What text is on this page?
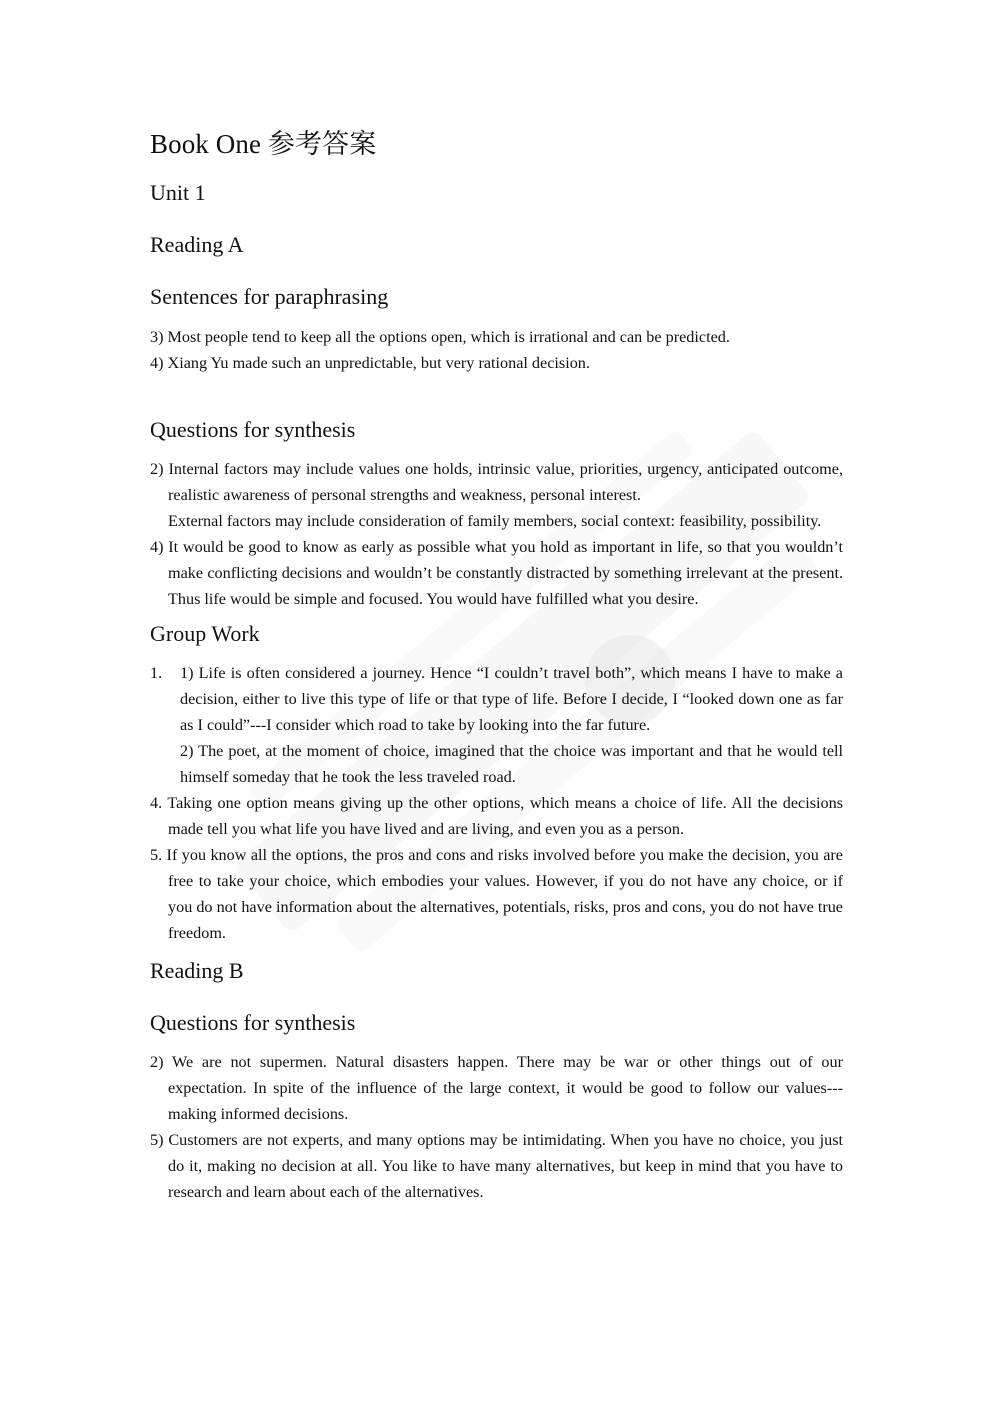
Book One 参考答案
Unit 1
Reading A
Sentences for paraphrasing
3) Most people tend to keep all the options open, which is irrational and can be predicted.
4) Xiang Yu made such an unpredictable, but very rational decision.
Questions for synthesis
2) Internal factors may include values one holds, intrinsic value, priorities, urgency, anticipated outcome, realistic awareness of personal strengths and weakness, personal interest.
External factors may include consideration of family members, social context: feasibility, possibility.
4) It would be good to know as early as possible what you hold as important in life, so that you wouldn’t make conflicting decisions and wouldn’t be constantly distracted by something irrelevant at the present. Thus life would be simple and focused. You would have fulfilled what you desire.
Group Work
1.	1) Life is often considered a journey. Hence “I couldn’t travel both”, which means I have to make a decision, either to live this type of life or that type of life. Before I decide, I “looked down one as far as I could”---I consider which road to take by looking into the far future.
2) The poet, at the moment of choice, imagined that the choice was important and that he would tell himself someday that he took the less traveled road.
4. Taking one option means giving up the other options, which means a choice of life. All the decisions made tell you what life you have lived and are living, and even you as a person.
5. If you know all the options, the pros and cons and risks involved before you make the decision, you are free to take your choice, which embodies your values. However, if you do not have any choice, or if you do not have information about the alternatives, potentials, risks, pros and cons, you do not have true freedom.
Reading B
Questions for synthesis
2) We are not supermen. Natural disasters happen. There may be war or other things out of our expectation. In spite of the influence of the large context, it would be good to follow our values---making informed decisions.
5) Customers are not experts, and many options may be intimidating. When you have no choice, you just do it, making no decision at all. You like to have many alternatives, but keep in mind that you have to research and learn about each of the alternatives.
